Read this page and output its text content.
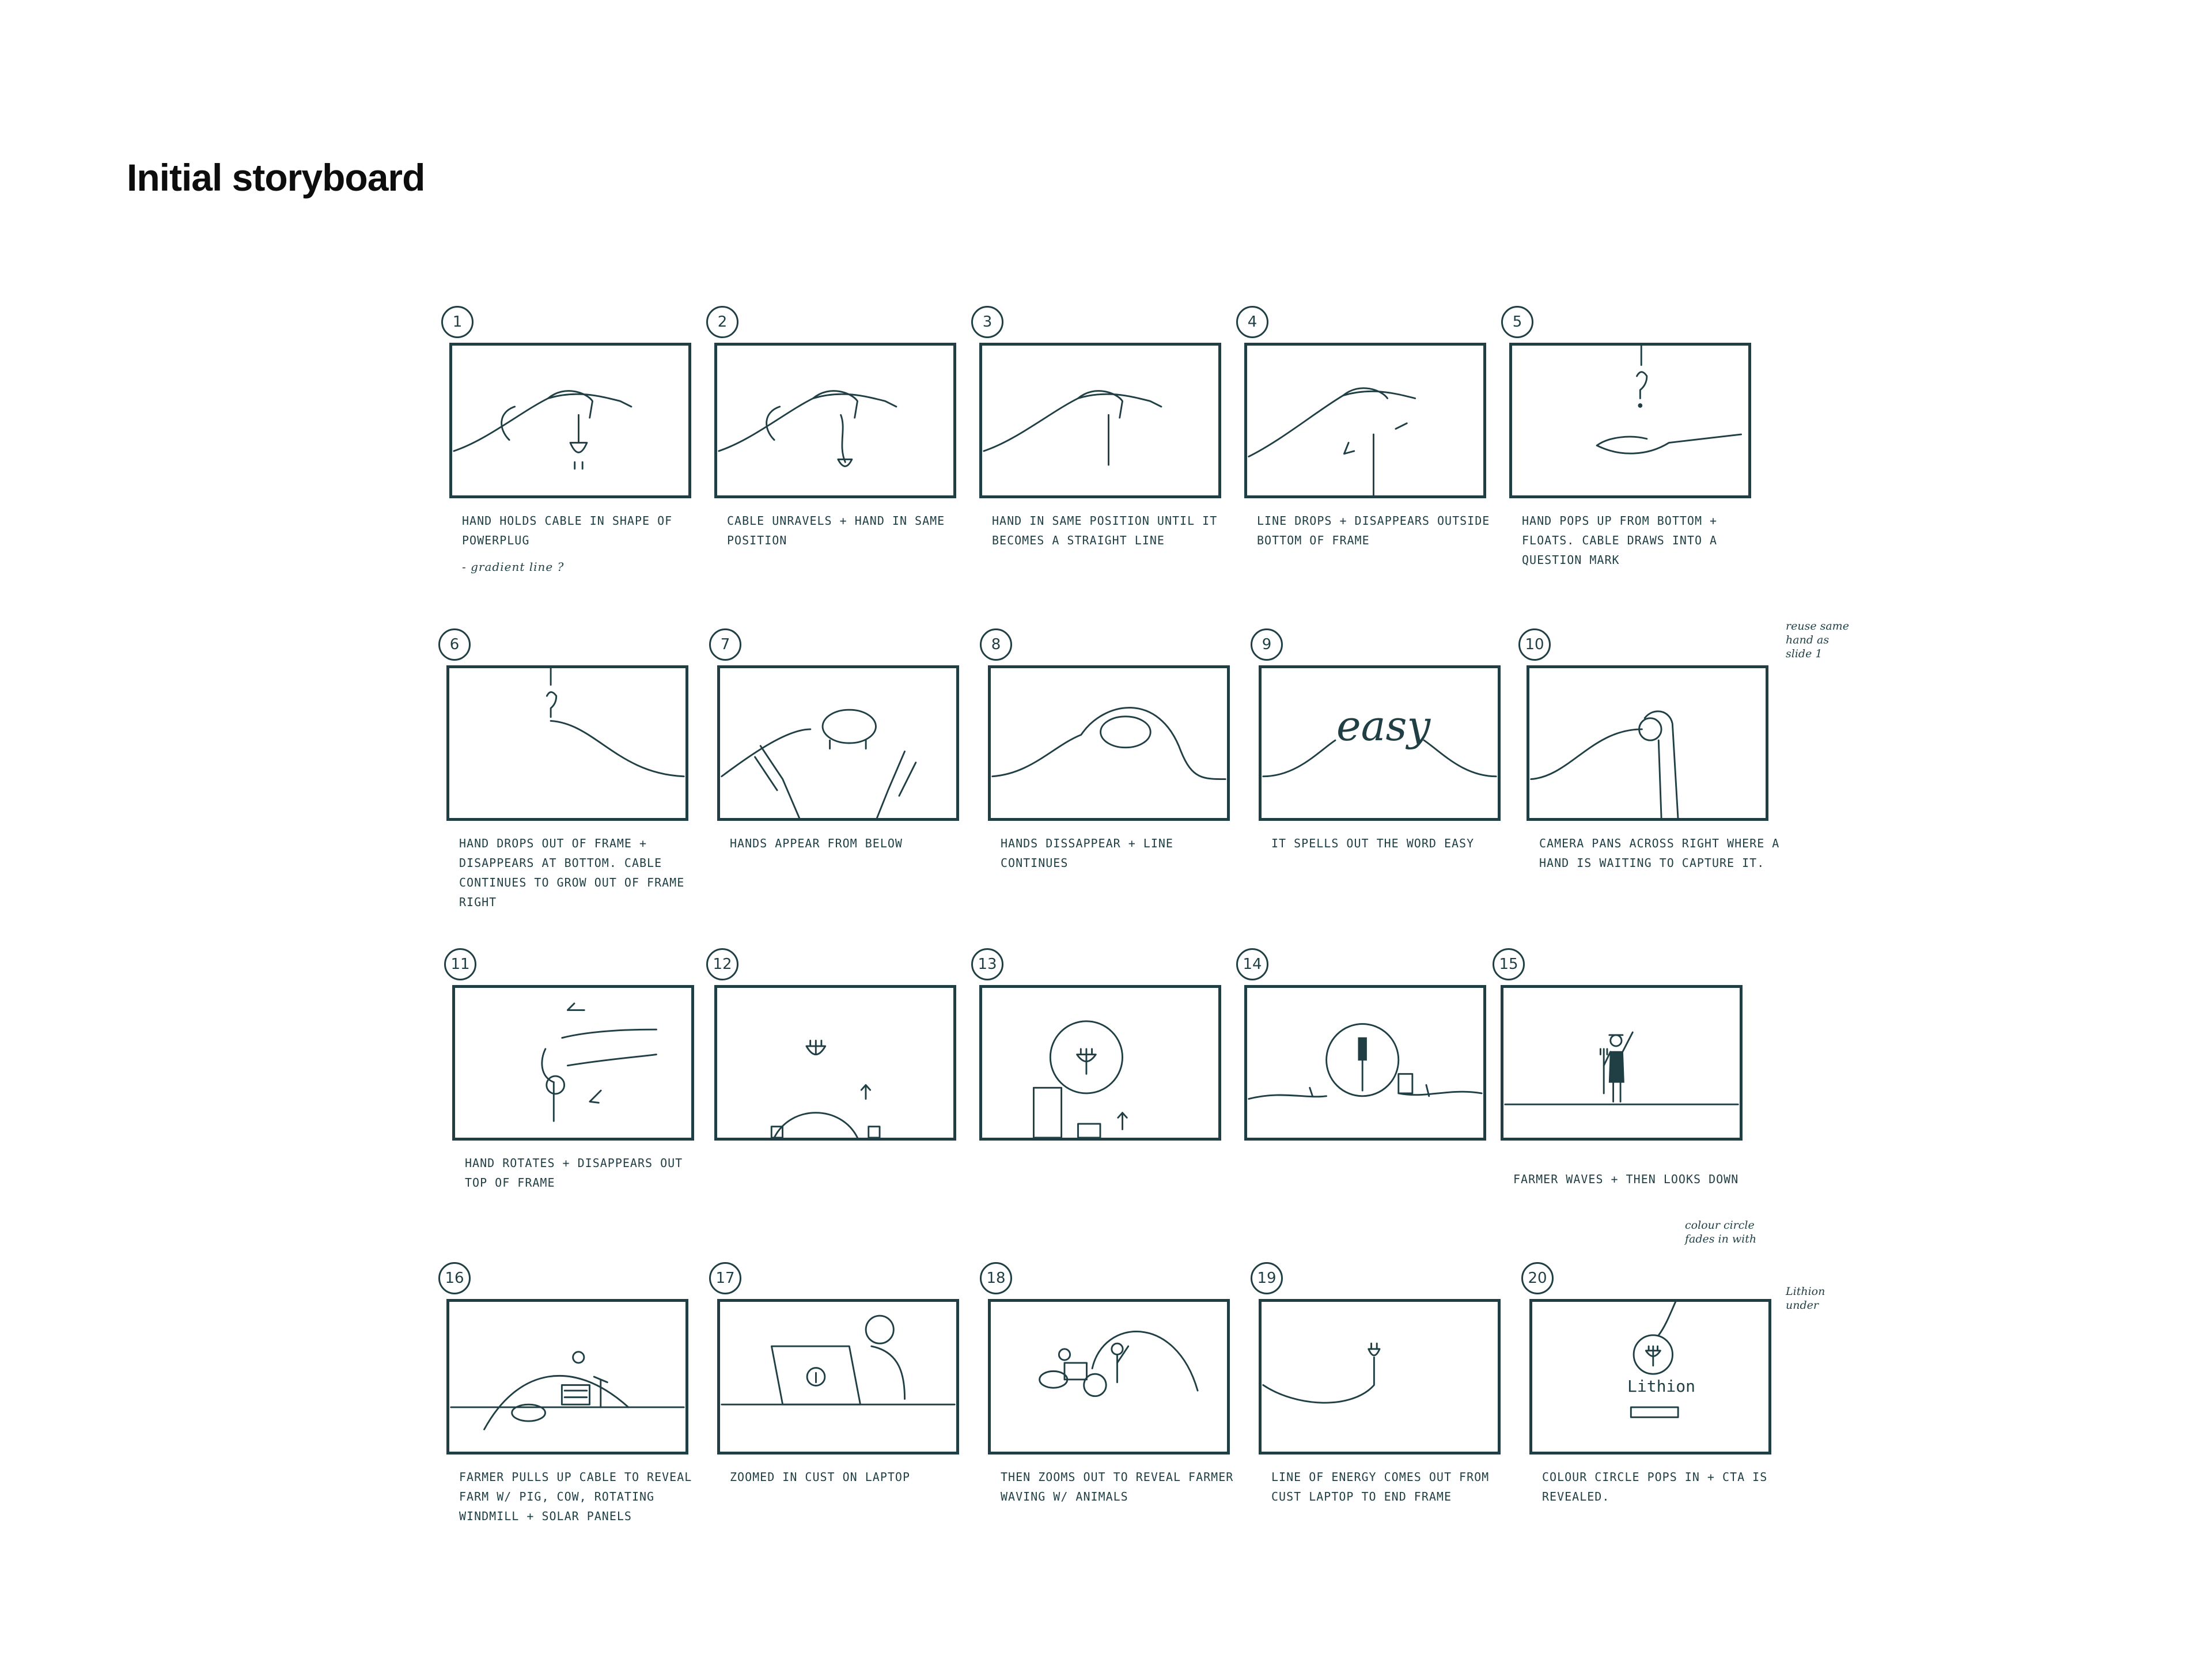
Initial storyboard
1
HAND HOLDS CABLE IN SHAPE OF POWERPLUG
- gradient line ?
2
CABLE UNRAVELS + HAND IN SAME POSITION
3
HAND IN SAME POSITION UNTIL IT BECOMES A STRAIGHT LINE
4
LINE DROPS + DISAPPEARS OUTSIDE BOTTOM OF FRAME
5
HAND POPS UP FROM BOTTOM + FLOATS. CABLE DRAWS INTO A QUESTION MARK
6
HAND DROPS OUT OF FRAME + DISAPPEARS AT BOTTOM. CABLE CONTINUES TO GROW OUT OF FRAME RIGHT
7
HANDS APPEAR FROM BELOW
8
HANDS DISSAPPEAR + LINE CONTINUES
9
easy
IT SPELLS OUT THE WORD EASY
10
CAMERA PANS ACROSS RIGHT WHERE A HAND IS WAITING TO CAPTURE IT.
reuse same hand as slide 1
11
HAND ROTATES + DISAPPEARS OUT TOP OF FRAME
12	13	14	15
FARMER WAVES + THEN LOOKS DOWN
16
FARMER PULLS UP CABLE TO REVEAL FARM W/ PIG, COW, ROTATING WINDMILL + SOLAR PANELS
17
ZOOMED IN CUST ON LAPTOP
18
THEN ZOOMS OUT TO REVEAL FARMER WAVING W/ ANIMALS
19
LINE OF ENERGY COMES OUT FROM CUST LAPTOP TO END FRAME
20
Lithion
COLOUR CIRCLE POPS IN + CTA IS REVEALED.
colour circle fades in with
Lithion under
